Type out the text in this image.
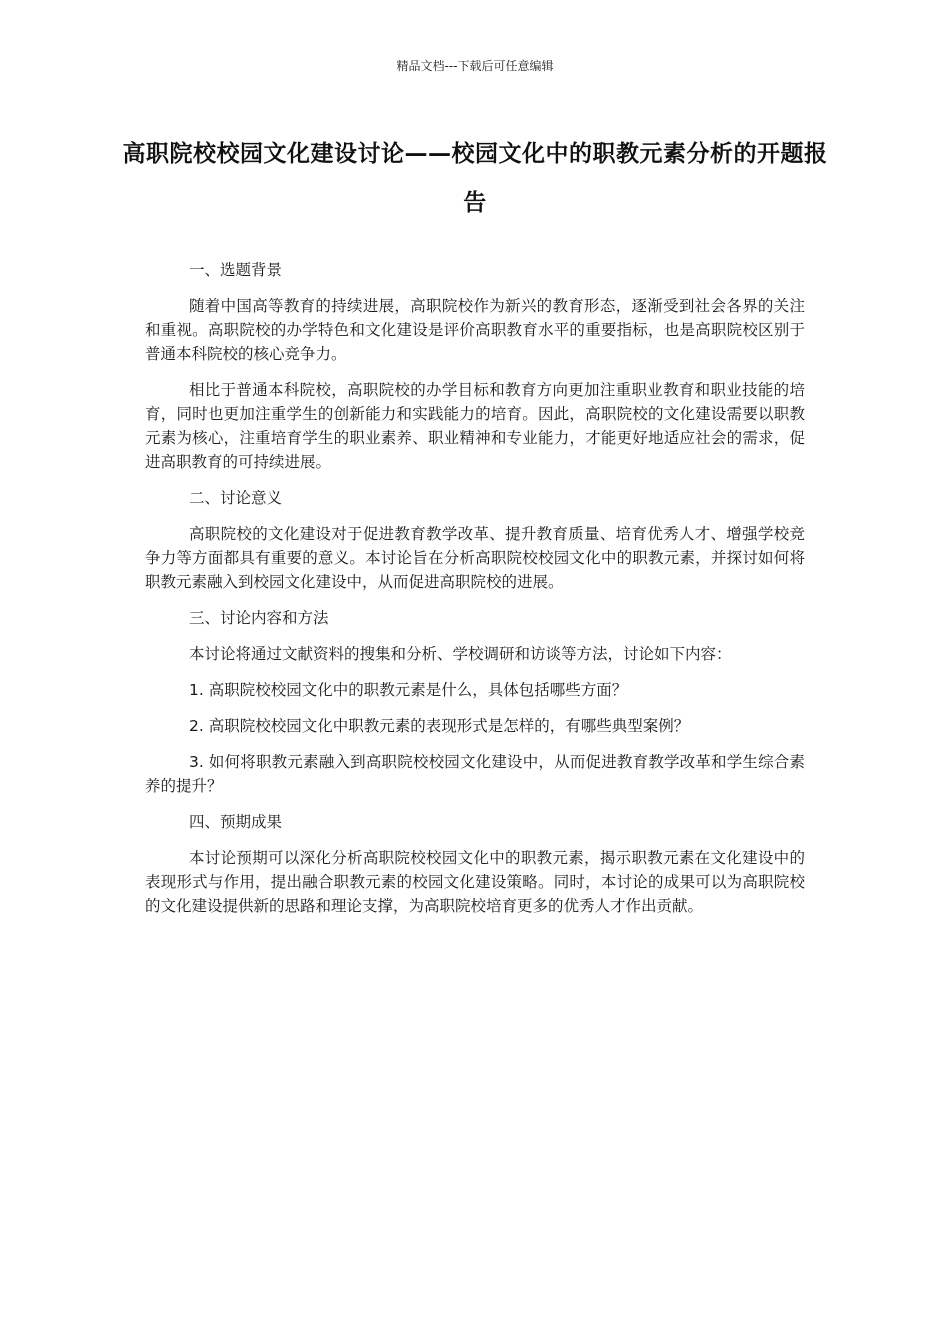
精品文档---下载后可任意编辑
高职院校校园文化建设讨论——校园文化中的职教元素分析的开题报告

一、选题背景

随着中国高等教育的持续进展，高职院校作为新兴的教育形态，逐渐受到社会各界的关注和重视。高职院校的办学特色和文化建设是评价高职教育水平的重要指标，也是高职院校区别于普通本科院校的核心竞争力。

相比于普通本科院校，高职院校的办学目标和教育方向更加注重职业教育和职业技能的培育，同时也更加注重学生的创新能力和实践能力的培育。因此，高职院校的文化建设需要以职教元素为核心，注重培育学生的职业素养、职业精神和专业能力，才能更好地适应社会的需求，促进高职教育的可持续进展。

二、讨论意义

高职院校的文化建设对于促进教育教学改革、提升教育质量、培育优秀人才、增强学校竞争力等方面都具有重要的意义。本讨论旨在分析高职院校校园文化中的职教元素，并探讨如何将职教元素融入到校园文化建设中，从而促进高职院校的进展。

三、讨论内容和方法

本讨论将通过文献资料的搜集和分析、学校调研和访谈等方法，讨论如下内容：

1. 高职院校校园文化中的职教元素是什么，具体包括哪些方面？

2. 高职院校校园文化中职教元素的表现形式是怎样的，有哪些典型案例？

3. 如何将职教元素融入到高职院校校园文化建设中，从而促进教育教学改革和学生综合素养的提升？

四、预期成果

本讨论预期可以深化分析高职院校校园文化中的职教元素，揭示职教元素在文化建设中的表现形式与作用，提出融合职教元素的校园文化建设策略。同时，本讨论的成果可以为高职院校的文化建设提供新的思路和理论支撑，为高职院校培育更多的优秀人才作出贡献。
